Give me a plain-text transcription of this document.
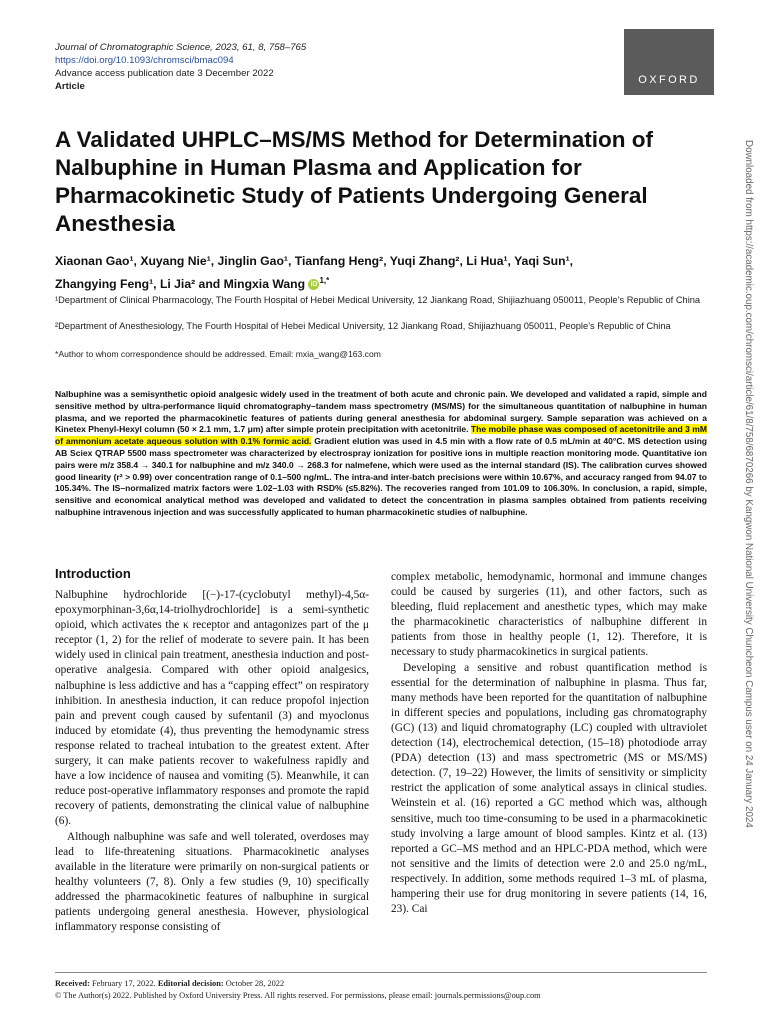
Journal of Chromatographic Science, 2023, 61, 8, 758–765
https://doi.org/10.1093/chromsci/bmac094
Advance access publication date 3 December 2022
Article
OXFORD
A Validated UHPLC–MS/MS Method for Determination of Nalbuphine in Human Plasma and Application for Pharmacokinetic Study of Patients Undergoing General Anesthesia
Xiaonan Gao¹, Xuyang Nie¹, Jinglin Gao¹, Tianfang Heng², Yuqi Zhang², Li Hua¹, Yaqi Sun¹,
Zhangying Feng¹, Li Jia² and Mingxia Wang iD $^{1,*}$
¹Department of Clinical Pharmacology, The Fourth Hospital of Hebei Medical University, 12 Jiankang Road, Shijiazhuang 050011, People’s Republic of China
²Department of Anesthesiology, The Fourth Hospital of Hebei Medical University, 12 Jiankang Road, Shijiazhuang 050011, People’s Republic of China
*Author to whom correspondence should be addressed. Email: mxia_wang@163.com
Nalbuphine was a semisynthetic opioid analgesic widely used in the treatment of both acute and chronic pain. We developed and validated a rapid, simple and sensitive method by ultra-performance liquid chromatography–tandem mass spectrometry (MS/MS) for the simultaneous quantitation of nalbuphine in human plasma, and we reported the pharmacokinetic features of patients during general anesthesia for abdominal surgery. Sample separation was achieved on a Kinetex Phenyl-Hexyl column (50 × 2.1 mm, 1.7 μm) after simple protein precipitation with acetonitrile. The mobile phase was composed of acetonitrile and 3 mM of ammonium acetate aqueous solution with 0.1% formic acid. Gradient elution was used in 4.5 min with a flow rate of 0.5 mL/min at 40°C. MS detection using AB Sciex QTRAP 5500 mass spectrometer was characterized by electrospray ionization for positive ions in multiple reaction monitoring mode. Quantitative ion pairs were m/z 358.4 → 340.1 for nalbuphine and m/z 340.0 → 268.3 for nalmefene, which were used as the internal standard (IS). The calibration curves showed good linearity (r² > 0.99) over concentration range of 0.1–500 ng/mL. The intra-and inter-batch precisions were within 10.67%, and accuracy ranged from 94.07 to 105.34%. The IS–normalized matrix factors were 1.02–1.03 with RSD% (≤5.82%). The recoveries ranged from 101.09 to 106.30%. In conclusion, a rapid, simple, sensitive and economical analytical method was developed and validated to detect the concentration in plasma samples obtained from patients receiving nalbuphine intravenous injection and was successfully applicated to human pharmacokinetic studies of nalbuphine.
Introduction

Nalbuphine hydrochloride [(−)-17-(cyclobutyl methyl)-4,5α-epoxymorphinan-3,6α,14-triolhydrochloride] is a semi-synthetic opioid, which activates the κ receptor and antagonizes part of the μ receptor (1, 2) for the relief of moderate to severe pain. It has been widely used in clinical pain treatment, anesthesia induction and post-operative analgesia. Compared with other opioid analgesics, nalbuphine is less addictive and has a “capping effect” on respiratory inhibition. In anesthesia induction, it can reduce propofol injection pain and prevent cough caused by sufentanil (3) and myoclonus induced by etomidate (4), thus preventing the hemodynamic stress response related to tracheal intubation to the greatest extent. After surgery, it can make patients recover to wakefulness rapidly and have a low incidence of nausea and vomiting (5). Meanwhile, it can reduce post-operative inflammatory responses and promote the rapid recovery of patients, demonstrating the clinical value of nalbuphine (6).

Although nalbuphine was safe and well tolerated, overdoses may lead to life-threatening situations. Pharmacokinetic analyses available in the literature were primarily on non-surgical patients or healthy volunteers (7, 8). Only a few studies (9, 10) specifically addressed the pharmacokinetic features of nalbuphine in surgical patients undergoing general anesthesia. However, physiological inflammatory response consisting of

complex metabolic, hemodynamic, hormonal and immune changes could be caused by surgeries (11), and other factors, such as bleeding, fluid replacement and anesthetic types, which may make the pharmacokinetic characteristics of nalbuphine different in patients from those in healthy people (1, 12). Therefore, it is necessary to study pharmacokinetics in surgical patients.

Developing a sensitive and robust quantification method is essential for the determination of nalbuphine in plasma. Thus far, many methods have been reported for the quantitation of nalbuphine in different species and populations, including gas chromatography (GC) (13) and liquid chromatography (LC) coupled with ultraviolet detection (14), electrochemical detection, (15–18) photodiode array (PDA) detection (13) and mass spectrometric (MS or MS/MS) detection. (7, 19–22) However, the limits of sensitivity or simplicity restrict the application of some analytical assays in clinical studies. Weinstein et al. (16) reported a GC method which was, although sensitive, much too time-consuming to be used in a pharmacokinetic study involving a large amount of blood samples. Kintz et al. (13) reported a GC–MS method and an HPLC-PDA method, which were not sensitive and the limits of detection were 2.0 and 25.0 ng/mL, respectively. In addition, some methods required 1–3 mL of plasma, hampering their use for drug monitoring in severe patients (14, 16, 23). Cai

Received: February 17, 2022. Editorial decision: October 28, 2022
© The Author(s) 2022. Published by Oxford University Press. All rights reserved. For permissions, please email: journals.permissions@oup.com
Downloaded from https://academic.oup.com/chromsci/article/61/8/758/6870266 by Kangwon National University Chuncheon Campus user on 24 January 2024
